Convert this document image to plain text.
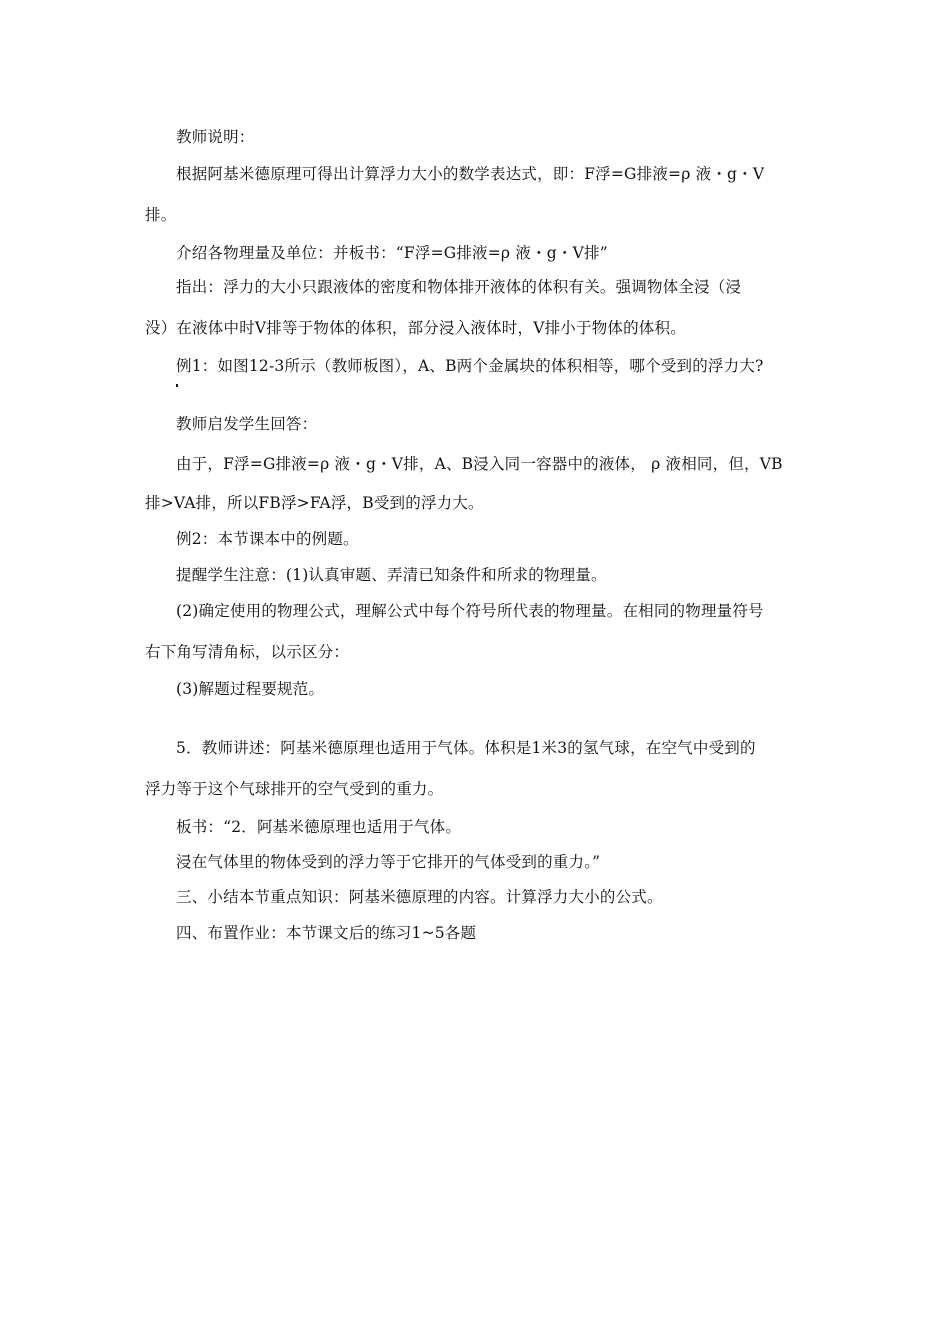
教师说明：
根据阿基米德原理可得出计算浮力大小的数学表达式，即：F浮=G排液=ρ 液・g・V
排。
介绍各物理量及单位：并板书：“F浮=G排液=ρ 液・g・V排”
指出：浮力的大小只跟液体的密度和物体排开液体的体积有关。强调物体全浸（浸
没）在液体中时V排等于物体的体积，部分浸入液体时，V排小于物体的体积。
例1：如图12-3所示（教师板图），A、B两个金属块的体积相等，哪个受到的浮力大?
教师启发学生回答：
由于，F浮=G排液=ρ 液・g・V排，A、B浸入同一容器中的液体， ρ 液相同，但，VB
排>VA排，所以FB浮>FA浮，B受到的浮力大。
例2：本节课本中的例题。
提醒学生注意：(1)认真审题、弄清已知条件和所求的物理量。
(2)确定使用的物理公式，理解公式中每个符号所代表的物理量。在相同的物理量符号
右下角写清角标，以示区分：
(3)解题过程要规范。
5．教师讲述：阿基米德原理也适用于气体。体积是1米3的氢气球，在空气中受到的
浮力等于这个气球排开的空气受到的重力。
板书：“2．阿基米德原理也适用于气体。
浸在气体里的物体受到的浮力等于它排开的气体受到的重力。”
三、小结本节重点知识：阿基米德原理的内容。计算浮力大小的公式。
四、布置作业：本节课文后的练习1~5各题
